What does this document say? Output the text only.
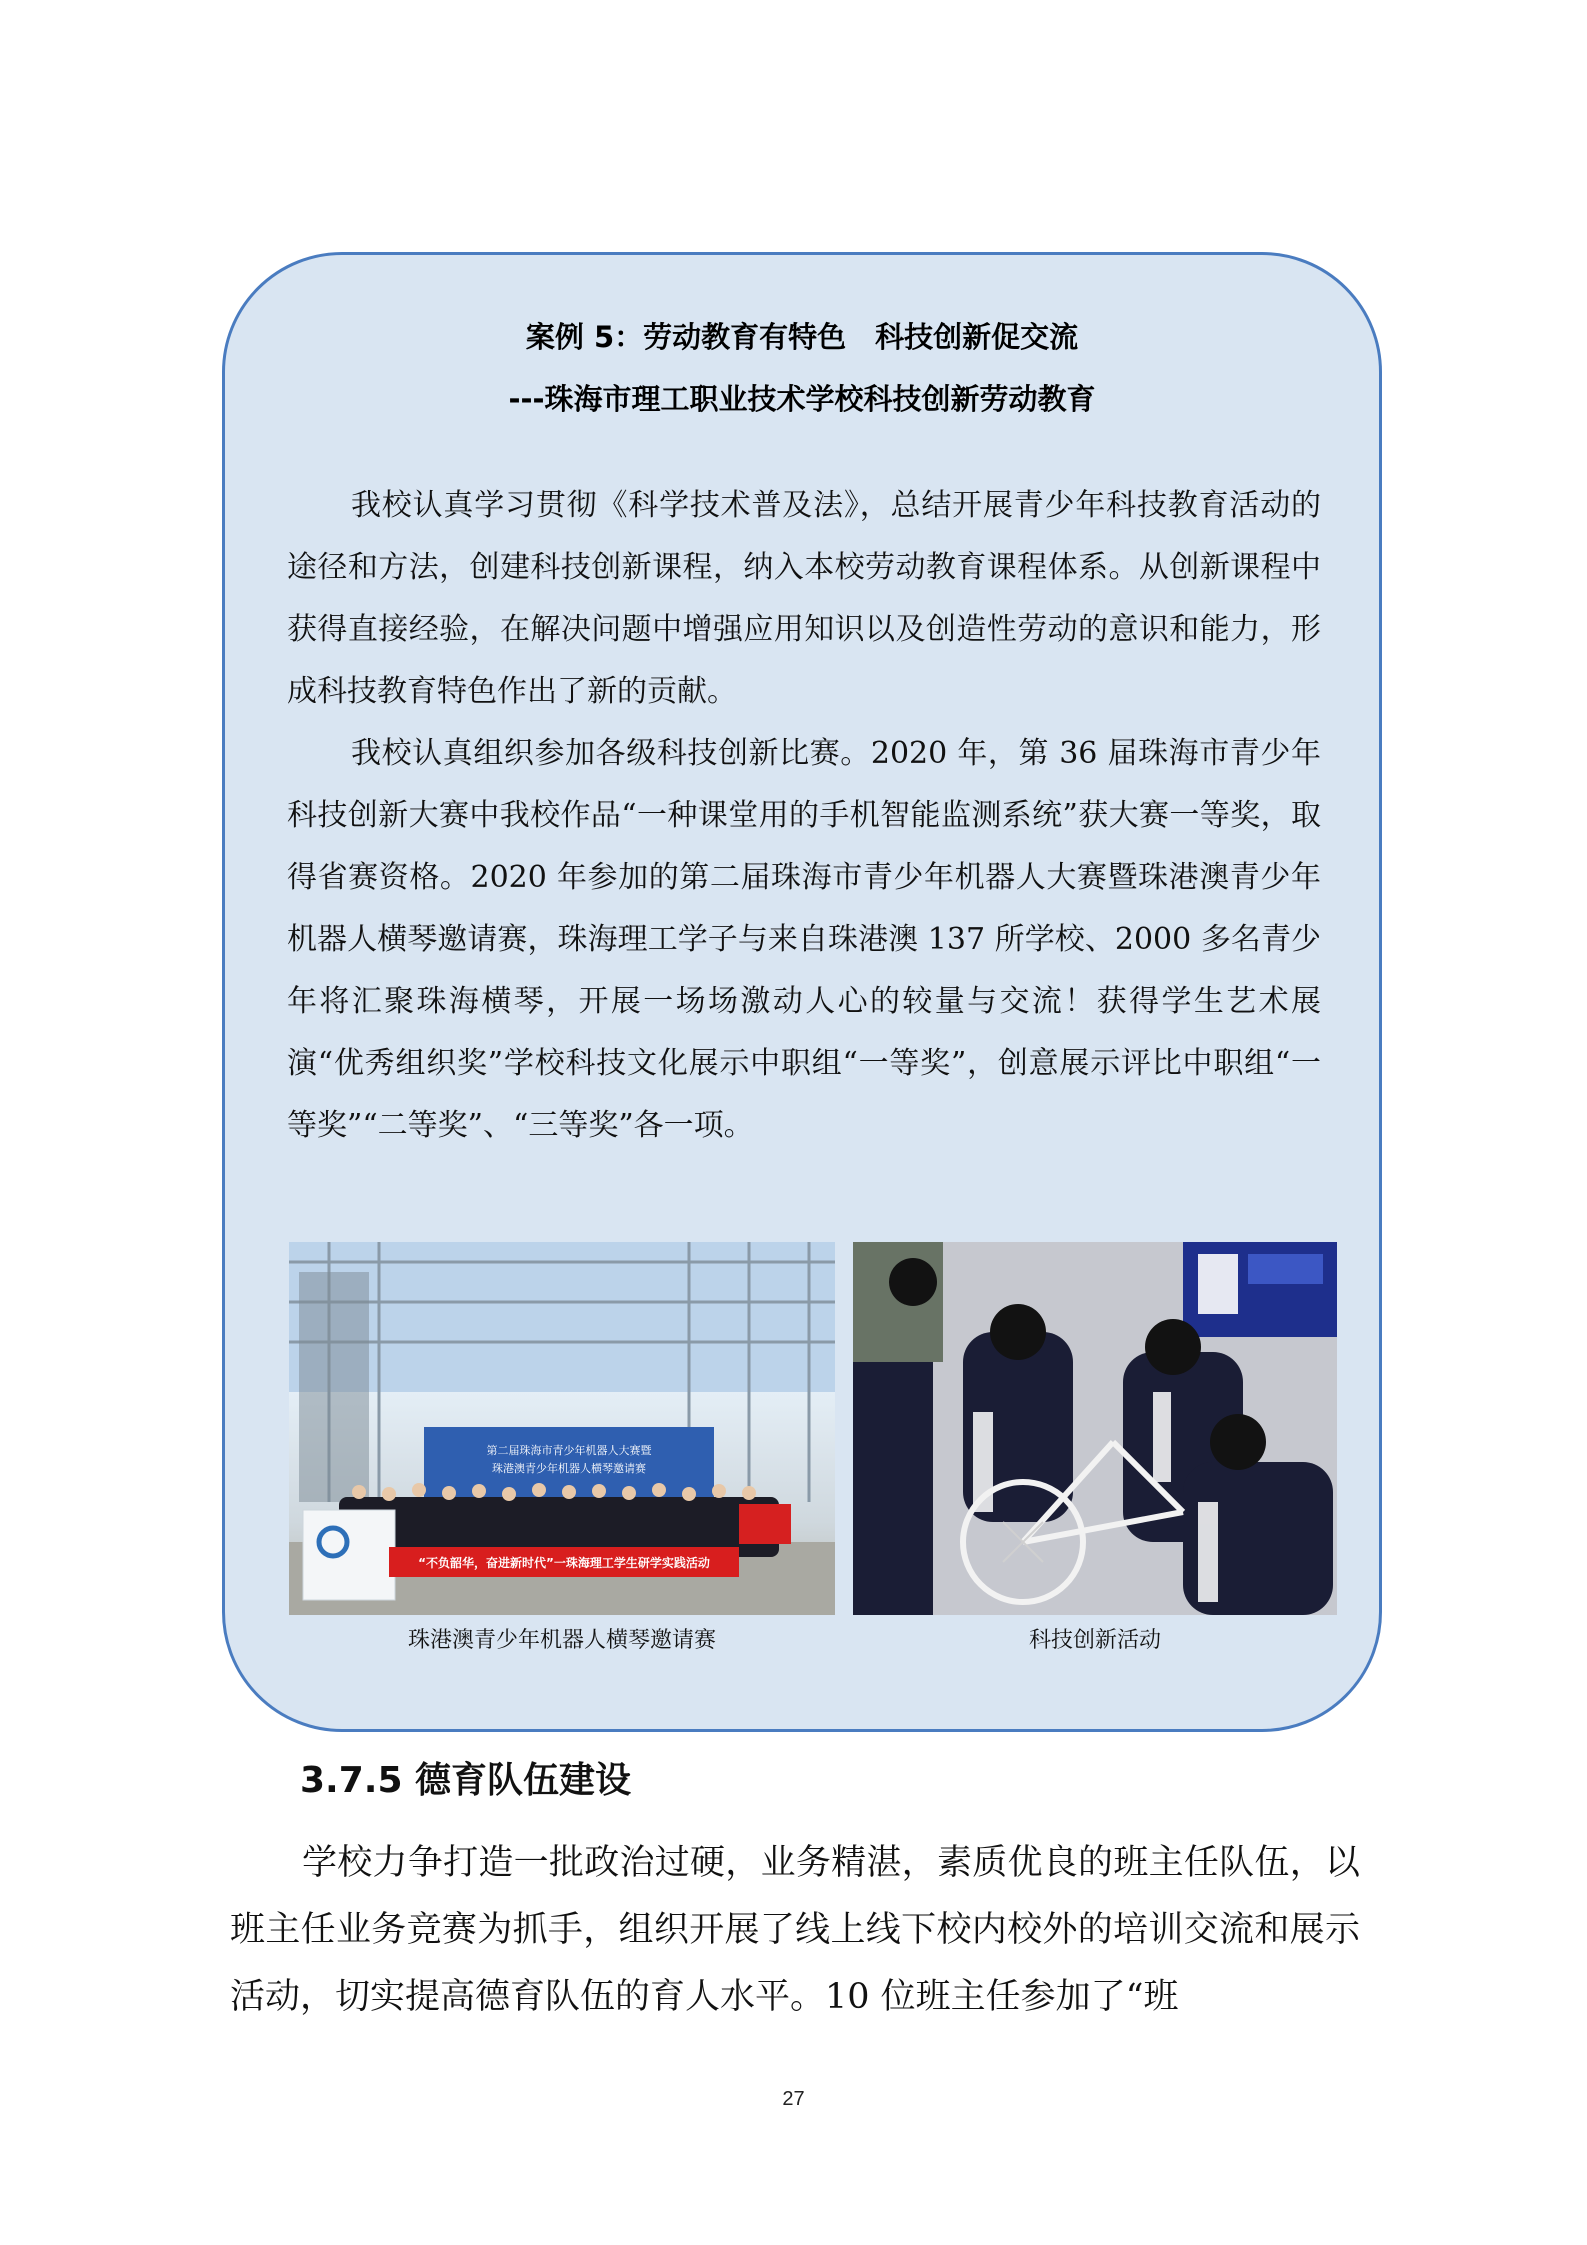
案例 5：劳动教育有特色　科技创新促交流
---珠海市理工职业技术学校科技创新劳动教育

我校认真学习贯彻《科学技术普及法》，总结开展青少年科技教育活动的途径和方法，创建科技创新课程，纳入本校劳动教育课程体系。从创新课程中获得直接经验，在解决问题中增强应用知识以及创造性劳动的意识和能力，形成科技教育特色作出了新的贡献。

我校认真组织参加各级科技创新比赛。2020 年，第 36 届珠海市青少年科技创新大赛中我校作品“一种课堂用的手机智能监测系统”获大赛一等奖，取得省赛资格。2020 年参加的第二届珠海市青少年机器人大赛暨珠港澳青少年机器人横琴邀请赛，珠海理工学子与来自珠港澳 137 所学校、2000 多名青少年将汇聚珠海横琴，开展一场场激动人心的较量与交流！获得学生艺术展演“优秀组织奖”学校科技文化展示中职组“一等奖”，创意展示评比中职组“一等奖”“二等奖”、“三等奖”各一项。

第二届珠海市青少年机器人大赛暨
珠港澳青少年机器人横琴邀请赛
“不负韶华，奋进新时代”一珠海理工学生研学实践活动
珠港澳青少年机器人横琴邀请赛	科技创新活动
3.7.5 德育队伍建设

学校力争打造一批政治过硬，业务精湛，素质优良的班主任队伍，以班主任业务竞赛为抓手，组织开展了线上线下校内校外的培训交流和展示活动，切实提高德育队伍的育人水平。10 位班主任参加了“班

27
